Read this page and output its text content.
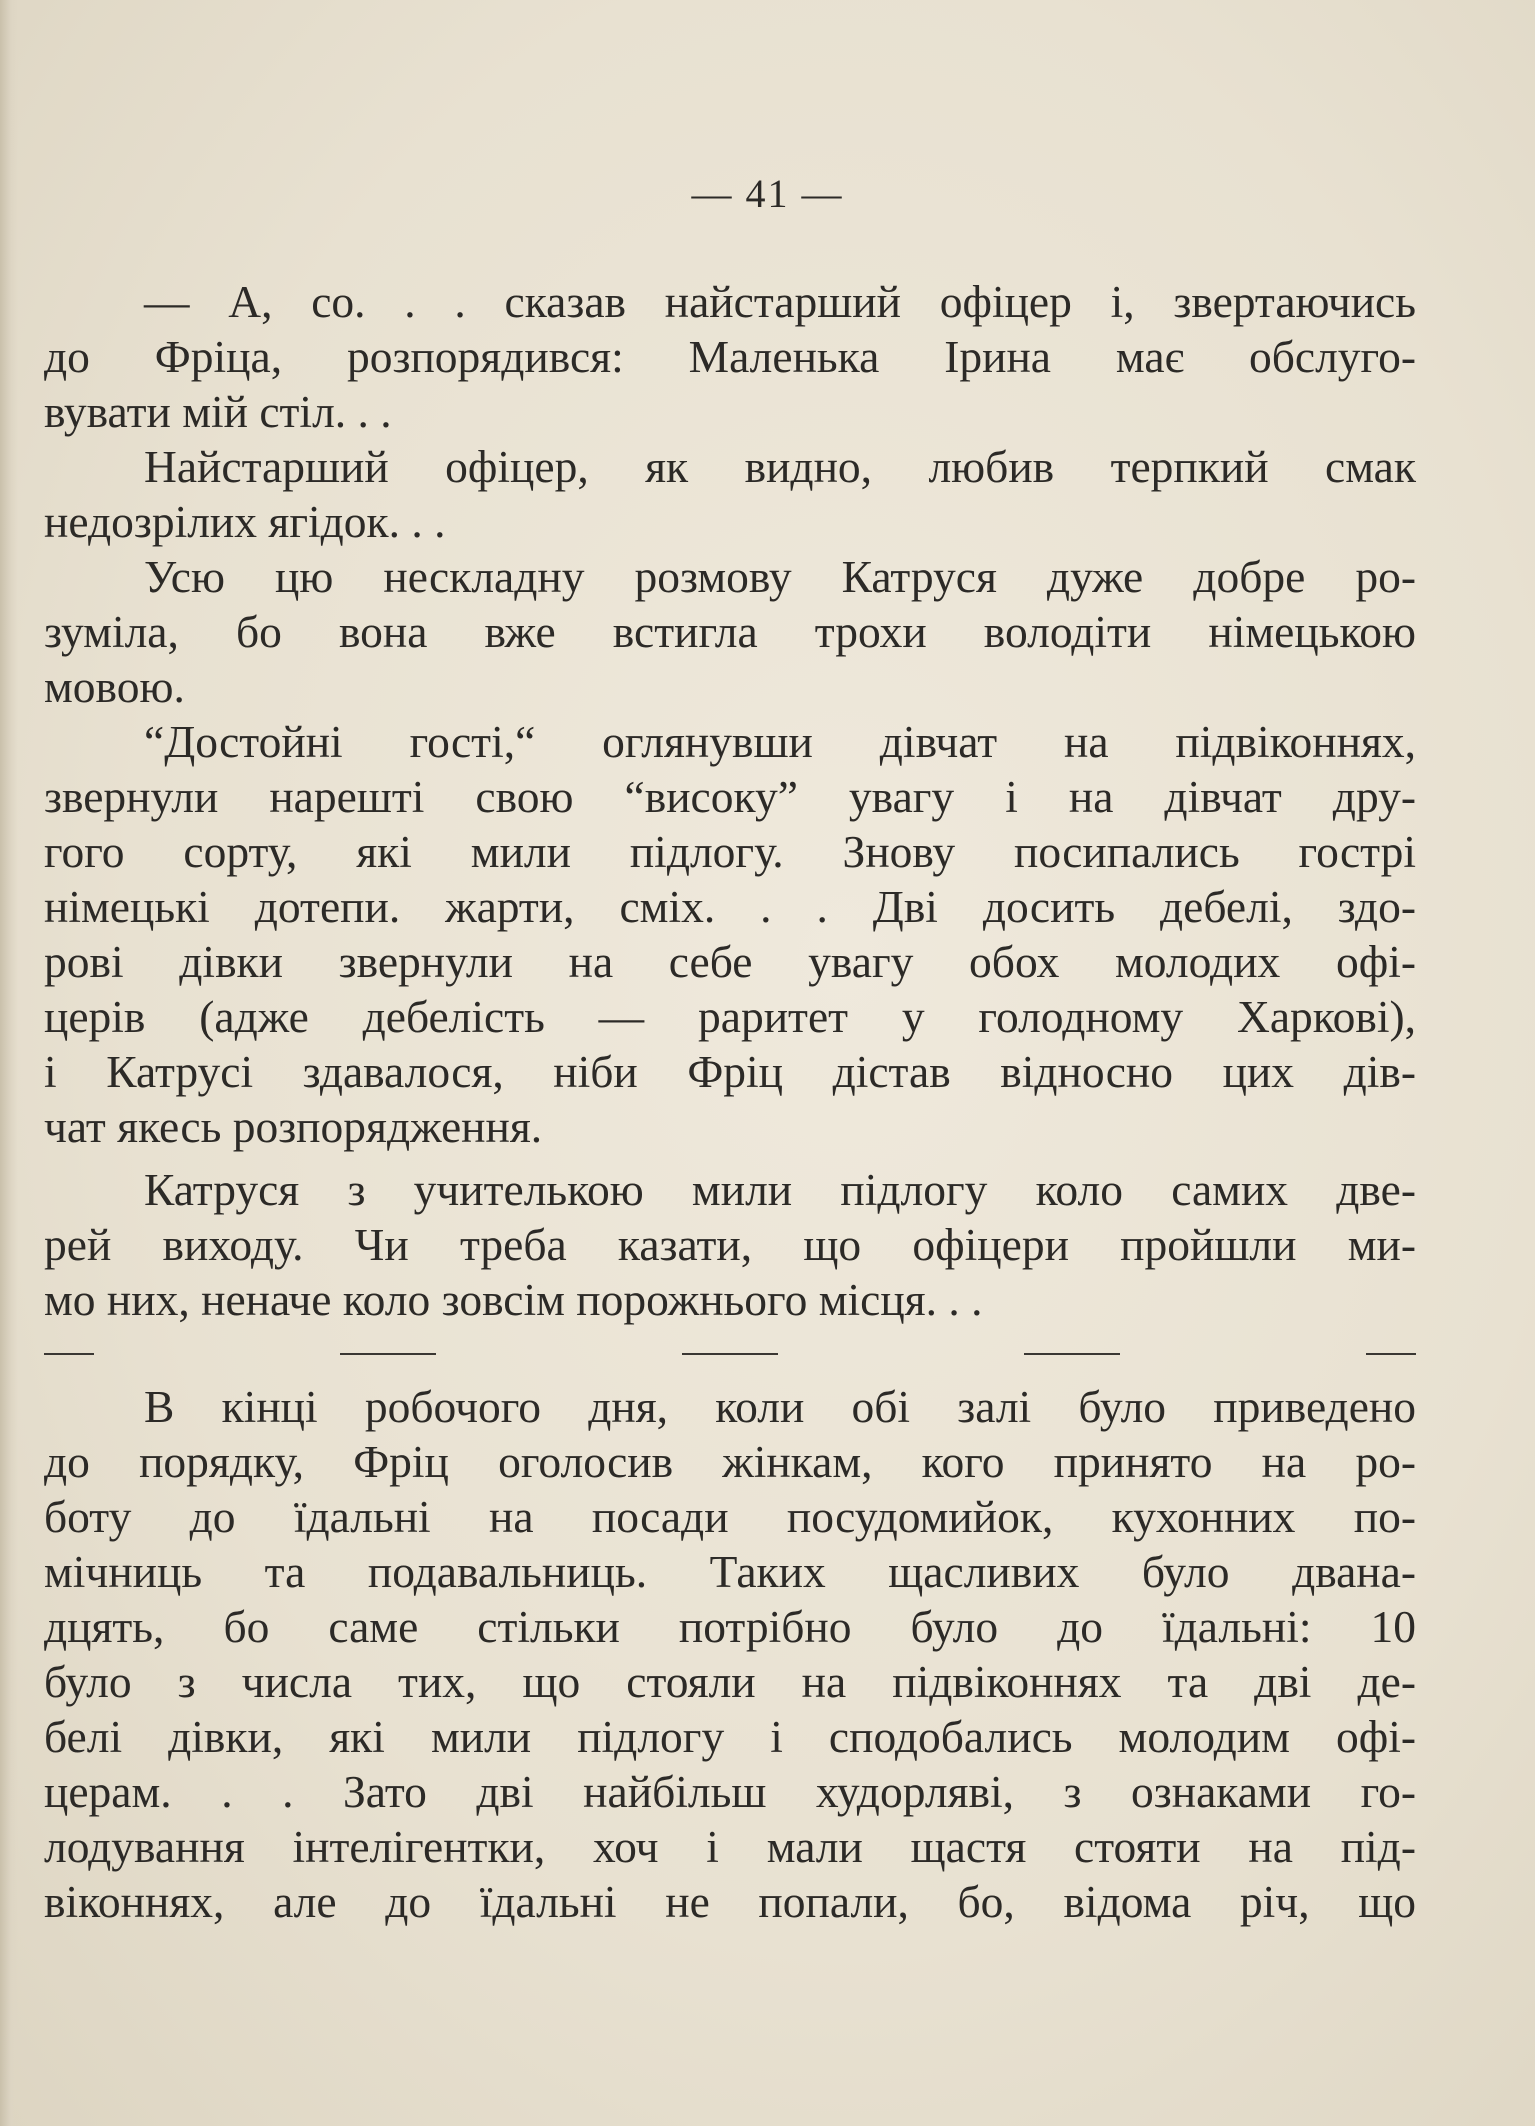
— 41 —
— А, со. . . сказав найстарший офіцер і, звертаючись
до Фріца, розпорядився: Маленька Ірина має обслуго-
вувати мій стіл. . .
Найстарший офіцер, як видно, любив терпкий смак
недозрілих ягідок. . .
Усю цю нескладну розмову Катруся дуже добре ро-
зуміла, бо вона вже встигла трохи володіти німецькою
мовою.
“Достойні гості,“ оглянувши дівчат на підвіконнях,
звернули нарешті свою “високу” увагу і на дівчат дру-
гого сорту, які мили підлогу. Знову посипались гострі
німецькі дотепи. жарти, сміх. . . Дві досить дебелі, здо-
рові дівки звернули на себе увагу обох молодих офі-
церів (адже дебелість — раритет у голодному Харкові),
і Катрусі здавалося, ніби Фріц дістав відносно цих дів-
чат якесь розпорядження.
Катруся з учителькою мили підлогу коло самих две-
рей виходу. Чи треба казати, що офіцери пройшли ми-
мо них, неначе коло зовсім порожнього місця. . .
В кінці робочого дня, коли обі залі було приведено
до порядку, Фріц оголосив жінкам, кого принято на ро-
боту до їдальні на посади посудомийок, кухонних по-
мічниць та подавальниць. Таких щасливих було двана-
дцять, бо саме стільки потрібно було до їдальні: 10
було з числа тих, що стояли на підвіконнях та дві де-
белі дівки, які мили підлогу і сподобались молодим офі-
церам. . . Зато дві найбільш худорляві, з ознаками го-
лодування інтелігентки, хоч і мали щастя стояти на під-
віконнях, але до їдальні не попали, бо, відома річ, що
